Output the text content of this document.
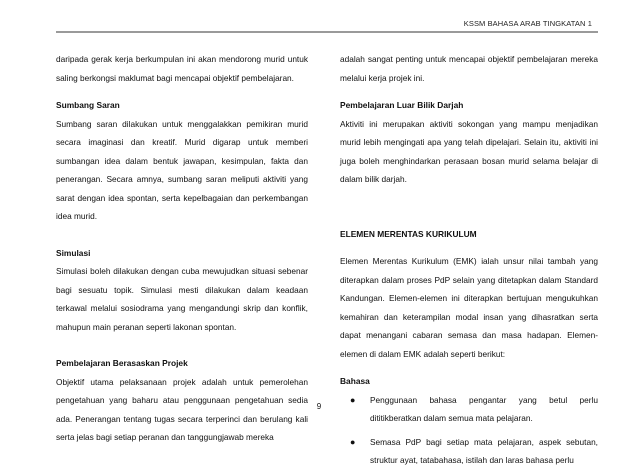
KSSM BAHASA ARAB TINGKATAN 1

daripada gerak kerja berkumpulan ini akan mendorong murid untuk saling berkongsi maklumat bagi mencapai objektif pembelajaran.

Sumbang Saran

Sumbang saran dilakukan untuk menggalakkan pemikiran murid secara imaginasi dan kreatif. Murid digarap untuk memberi sumbangan idea dalam bentuk jawapan, kesimpulan, fakta dan penerangan. Secara amnya, sumbang saran meliputi aktiviti yang sarat dengan idea spontan, serta kepelbagaian dan perkembangan idea murid.

Simulasi

Simulasi boleh dilakukan dengan cuba mewujudkan situasi sebenar bagi sesuatu topik. Simulasi mesti dilakukan dalam keadaan terkawal melalui sosiodrama yang mengandungi skrip dan konflik, mahupun main peranan seperti lakonan spontan.

Pembelajaran Berasaskan Projek

Objektif utama pelaksanaan projek adalah untuk pemerolehan pengetahuan yang baharu atau penggunaan pengetahuan sedia ada. Penerangan tentang tugas secara terperinci dan berulang kali serta jelas bagi setiap peranan dan tanggungjawab mereka

adalah sangat penting untuk mencapai objektif pembelajaran mereka melalui kerja projek ini.

Pembelajaran Luar Bilik Darjah

Aktiviti ini merupakan aktiviti sokongan yang mampu menjadikan murid lebih mengingati apa yang telah dipelajari. Selain itu, aktiviti ini juga boleh menghindarkan perasaan bosan murid selama belajar di dalam bilik darjah.

ELEMEN MERENTAS KURIKULUM

Elemen Merentas Kurikulum (EMK) ialah unsur nilai tambah yang diterapkan dalam proses PdP selain yang ditetapkan dalam Standard Kandungan. Elemen-elemen ini diterapkan bertujuan mengukuhkan kemahiran dan keterampilan modal insan yang dihasratkan serta dapat menangani cabaran semasa dan masa hadapan. Elemen-elemen di dalam EMK adalah seperti berikut:

Bahasa
● Penggunaan bahasa pengantar yang betul perlu dititikberatkan dalam semua mata pelajaran.
● Semasa PdP bagi setiap mata pelajaran, aspek sebutan, struktur ayat, tatabahasa, istilah dan laras bahasa perlu
9
